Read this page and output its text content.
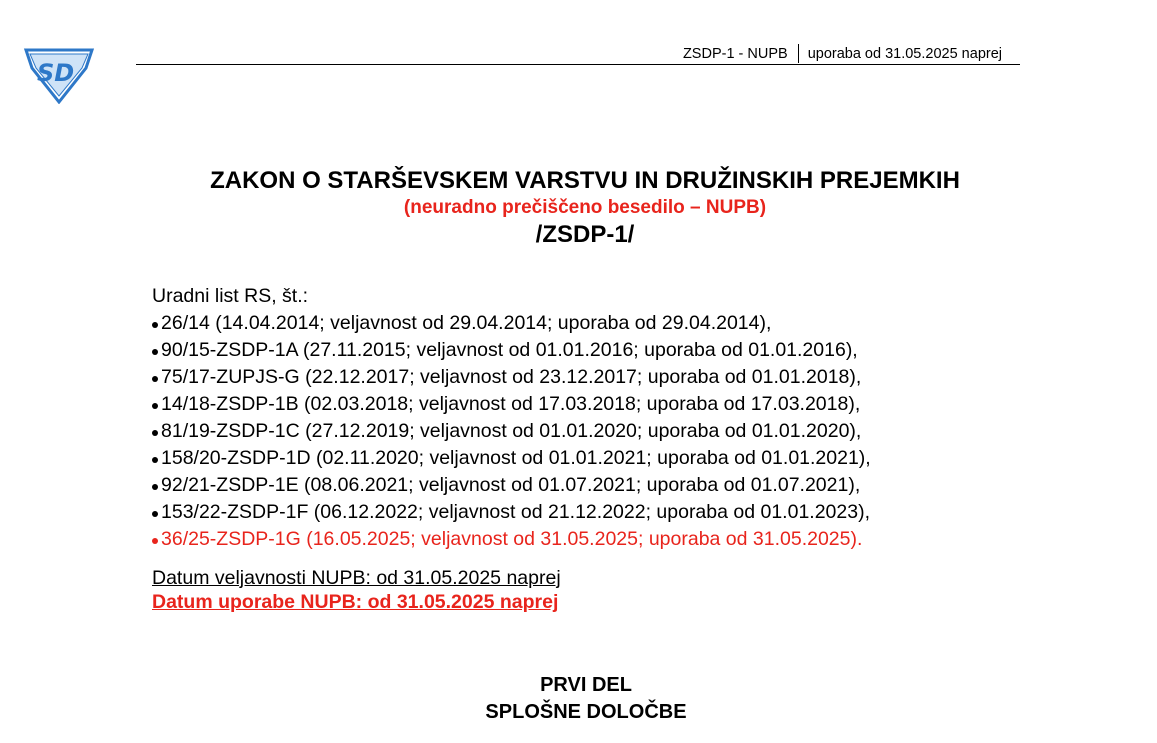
SD
ZSDP-1 - NUPB uporaba od 31.05.2025 naprej
ZAKON O STARŠEVSKEM VARSTVU IN DRUŽINSKIH PREJEMKIH
(neuradno prečiščeno besedilo – NUPB)
/ZSDP-1/
Uradni list RS, št.:
26/14 (14.04.2014; veljavnost od 29.04.2014; uporaba od 29.04.2014),
90/15-ZSDP-1A (27.11.2015; veljavnost od 01.01.2016; uporaba od 01.01.2016),
75/17-ZUPJS-G (22.12.2017; veljavnost od 23.12.2017; uporaba od 01.01.2018),
14/18-ZSDP-1B (02.03.2018; veljavnost od 17.03.2018; uporaba od 17.03.2018),
81/19-ZSDP-1C (27.12.2019; veljavnost od 01.01.2020; uporaba od 01.01.2020),
158/20-ZSDP-1D (02.11.2020; veljavnost od 01.01.2021; uporaba od 01.01.2021),
92/21-ZSDP-1E (08.06.2021; veljavnost od 01.07.2021; uporaba od 01.07.2021),
153/22-ZSDP-1F (06.12.2022; veljavnost od 21.12.2022; uporaba od 01.01.2023),
36/25-ZSDP-1G (16.05.2025; veljavnost od 31.05.2025; uporaba od 31.05.2025).
Datum veljavnosti NUPB: od 31.05.2025 naprej
Datum uporabe NUPB: od 31.05.2025 naprej
PRVI DEL
SPLOŠNE DOLOČBE
